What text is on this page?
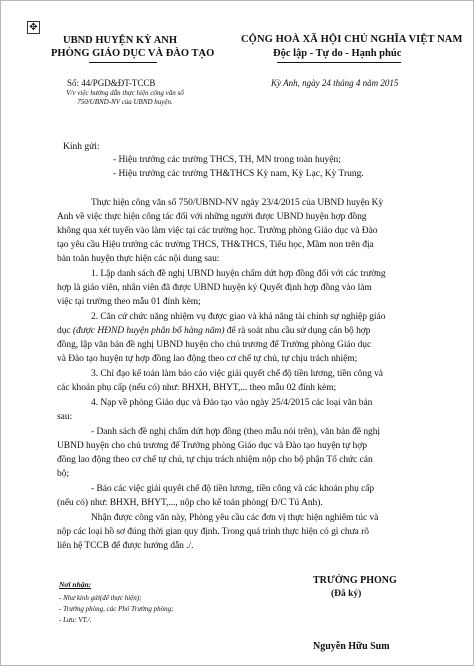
✥
UBND HUYỆN KỲ ANH
PHÒNG GIÁO DỤC VÀ ĐÀO TẠO
CỘNG HOÀ XÃ HỘI CHỦ NGHĨA VIỆT NAM
Độc lập - Tự do - Hạnh phúc
Số: 44/PGD&ĐT-TCCB
V/v việc hướng dẫn thực hiện công văn số 750/UBND-NV của UBND huyện.
Kỳ Anh, ngày 24 tháng 4 năm 2015
Kính gửi:
- Hiệu trưởng các trường THCS, TH, MN trong toàn huyện;
- Hiệu trưởng các trường TH&THCS Kỳ nam, Kỳ Lạc, Kỳ Trung.
Thực hiện công văn số 750/UBND-NV ngày 23/4/2015 của UBND huyện Kỳ
Anh về việc thực hiện công tác đối với những người được UBND huyện hợp đồng
không qua xét tuyển vào làm việc tại các trường học. Trưởng phòng Giáo dục và Đào
tạo yêu cầu Hiệu trưởng các trường THCS, TH&THCS, Tiểu học, Mầm non trên địa
bàn toàn huyện thực hiện các nội dung sau:
1. Lập danh sách đề nghị UBND huyện chấm dứt hợp đồng đối với các trường
hợp là giáo viên, nhân viên đã được UBND huyện ký Quyết định hợp đồng vào làm
việc tại trường theo mẫu 01 đính kèm;
2. Căn cứ chức năng nhiệm vụ được giao và khả năng tài chính sự nghiệp giáo
dục (được HĐND huyện phân bổ hàng năm) để rà soát nhu cầu sử dụng cán bộ hợp
đồng, lập văn bản đề nghị UBND huyện cho chủ trương để Trưởng phòng Giáo dục
và Đào tạo huyện tự hợp đồng lao động theo cơ chế tự chủ, tự chịu trách nhiệm;
3. Chỉ đạo kế toán làm báo cáo việc giải quyết chế độ tiền lương, tiền công và
các khoản phụ cấp (nếu có) như: BHXH, BHYT,... theo mẫu 02 đính kèm;
4. Nạp về phòng Giáo dục và Đào tạo vào ngày 25/4/2015 các loại văn bản
sau:
- Danh sách đề nghị chấm dứt hợp đồng (theo mẫu nói trên), văn bản đề nghị
UBND huyện cho chủ trương để Trưởng phòng Giáo dục và Đào tạo huyện tự hợp
đồng lao động theo cơ chế tự chủ, tự chịu trách nhiệm nộp cho bộ phận Tổ chức cán
bộ;
- Báo các việc giải quyết chế độ tiền lương, tiền công và các khoản phụ cấp
(nếu có) như: BHXH, BHYT,..., nộp cho kế toán phòng( Đ/C Tú Anh).
Nhận được công văn này, Phòng yêu cầu các đơn vị thực hiện nghiêm túc và
nộp các loại hồ sơ đúng thời gian quy định. Trong quá trình thực hiện có gì chưa rõ
liên hệ TCCB để được hướng dẫn ./.
Nơi nhận:
- Như kính gửi(để thực hiện);
- Trưởng phòng, các Phó Trưởng phòng;
- Lưu: VT./.
TRƯỞNG PHONG
(Đã ký)
Nguyễn Hữu Sum
